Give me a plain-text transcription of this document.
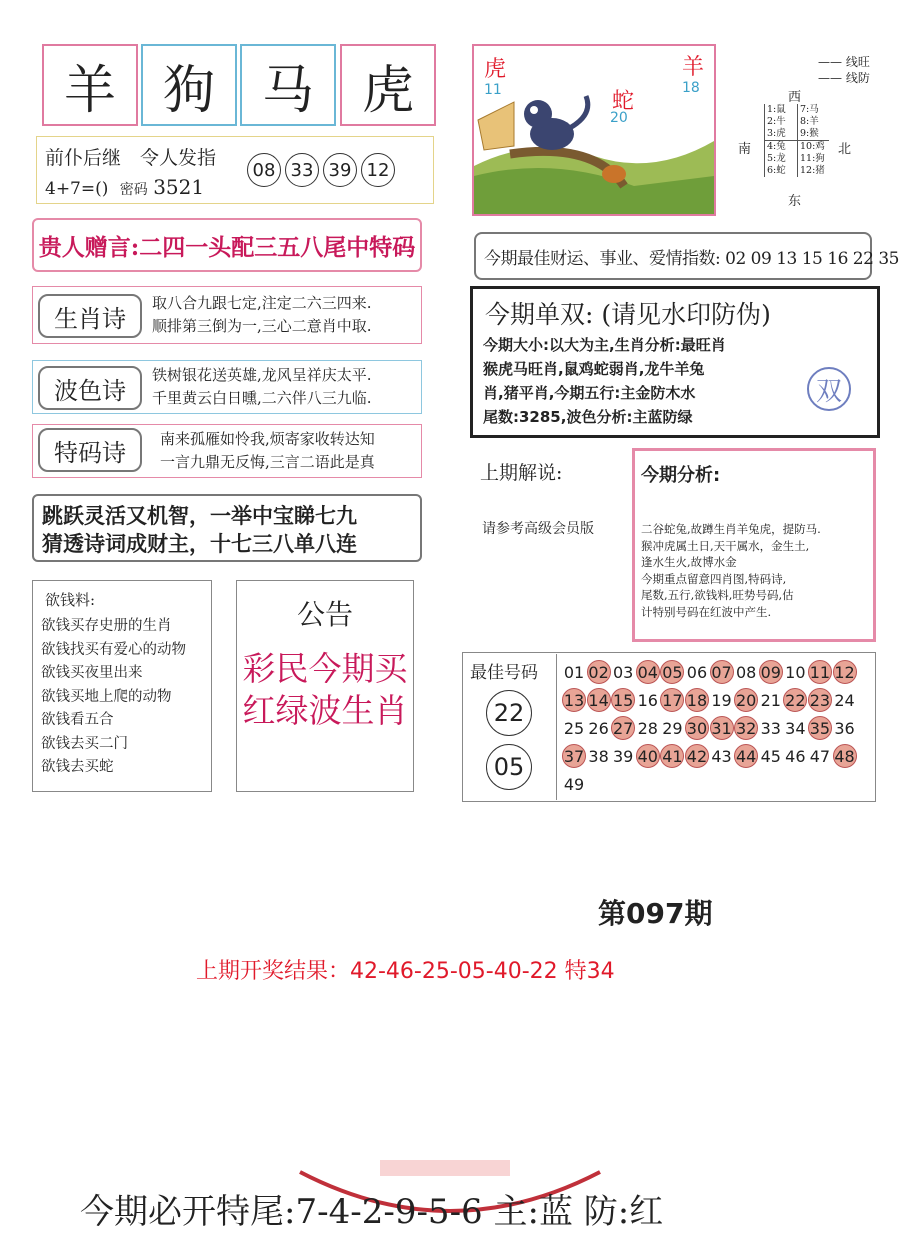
羊 狗 马 虎
前仆后继　令人发指
4+7=() 密码 3521
08 33 39 12
贵人赠言:二四一头配三五八尾中特码
生肖诗
取八合九跟七定,注定二六三四来.
顺排第三倒为一,三心二意肖中取.
波色诗
铁树银花送英雄,龙风呈祥庆太平.
千里黄云白日曛,二六伴八三九临.
特码诗	南来孤雁如怜我,烦寄家收转达知
一言九鼎无反悔,三言二语此是真
跳跃灵活又机智，一举中宝睇七九
猜透诗词成财主，十七三八单八连
欲钱料:
欲钱买存史册的生肖
欲钱找买有爱心的动物
欲钱买夜里出来
欲钱买地上爬的动物
欲钱看五合
欲钱去买二门
欲钱去买蛇
公告
彩民今期买
红绿波生肖
虎
11
羊
18
蛇
20
—— 线旺
—— 线防
西
南	北
东
1:鼠	7:马
2:牛	8:羊
3:虎	9:猴
4:兔	10:鸡
5:龙	11:狗
6:蛇	12:猪
今期最佳财运、事业、爱情指数: 02 09 13 15 16 22 35
今期单双: (请见水印防伪)
今期大小:以大为主,生肖分析:最旺肖
猴虎马旺肖,鼠鸡蛇弱肖,龙牛羊兔
肖,猪平肖,今期五行:主金防木水
尾数:3285,波色分析:主蓝防绿
双
上期解说:
请参考高级会员版
今期分析:
二谷蛇兔,故蹲生肖羊兔虎，提防马.
猴冲虎属土日,天干属水，金生土,
逢水生火,故博水金
今期重点留意四肖图,特码诗,
尾数,五行,欲钱料,旺势号码,估
计特别号码在红波中产生.
最佳号码
22
05
01 02 03 04 05 06 07 08 09 10 11 12
13 14 15 16 17 18 19 20 21 22 23 24
25 26 27 28 29 30 31 32 33 34 35 36
37 38 39 40 41 42 43 44 45 46 47 48
49
第097期
上期开奖结果：42-46-25-05-40-22 特34
今期必开特尾:7-4-2-9-5-6 主:蓝 防:红
